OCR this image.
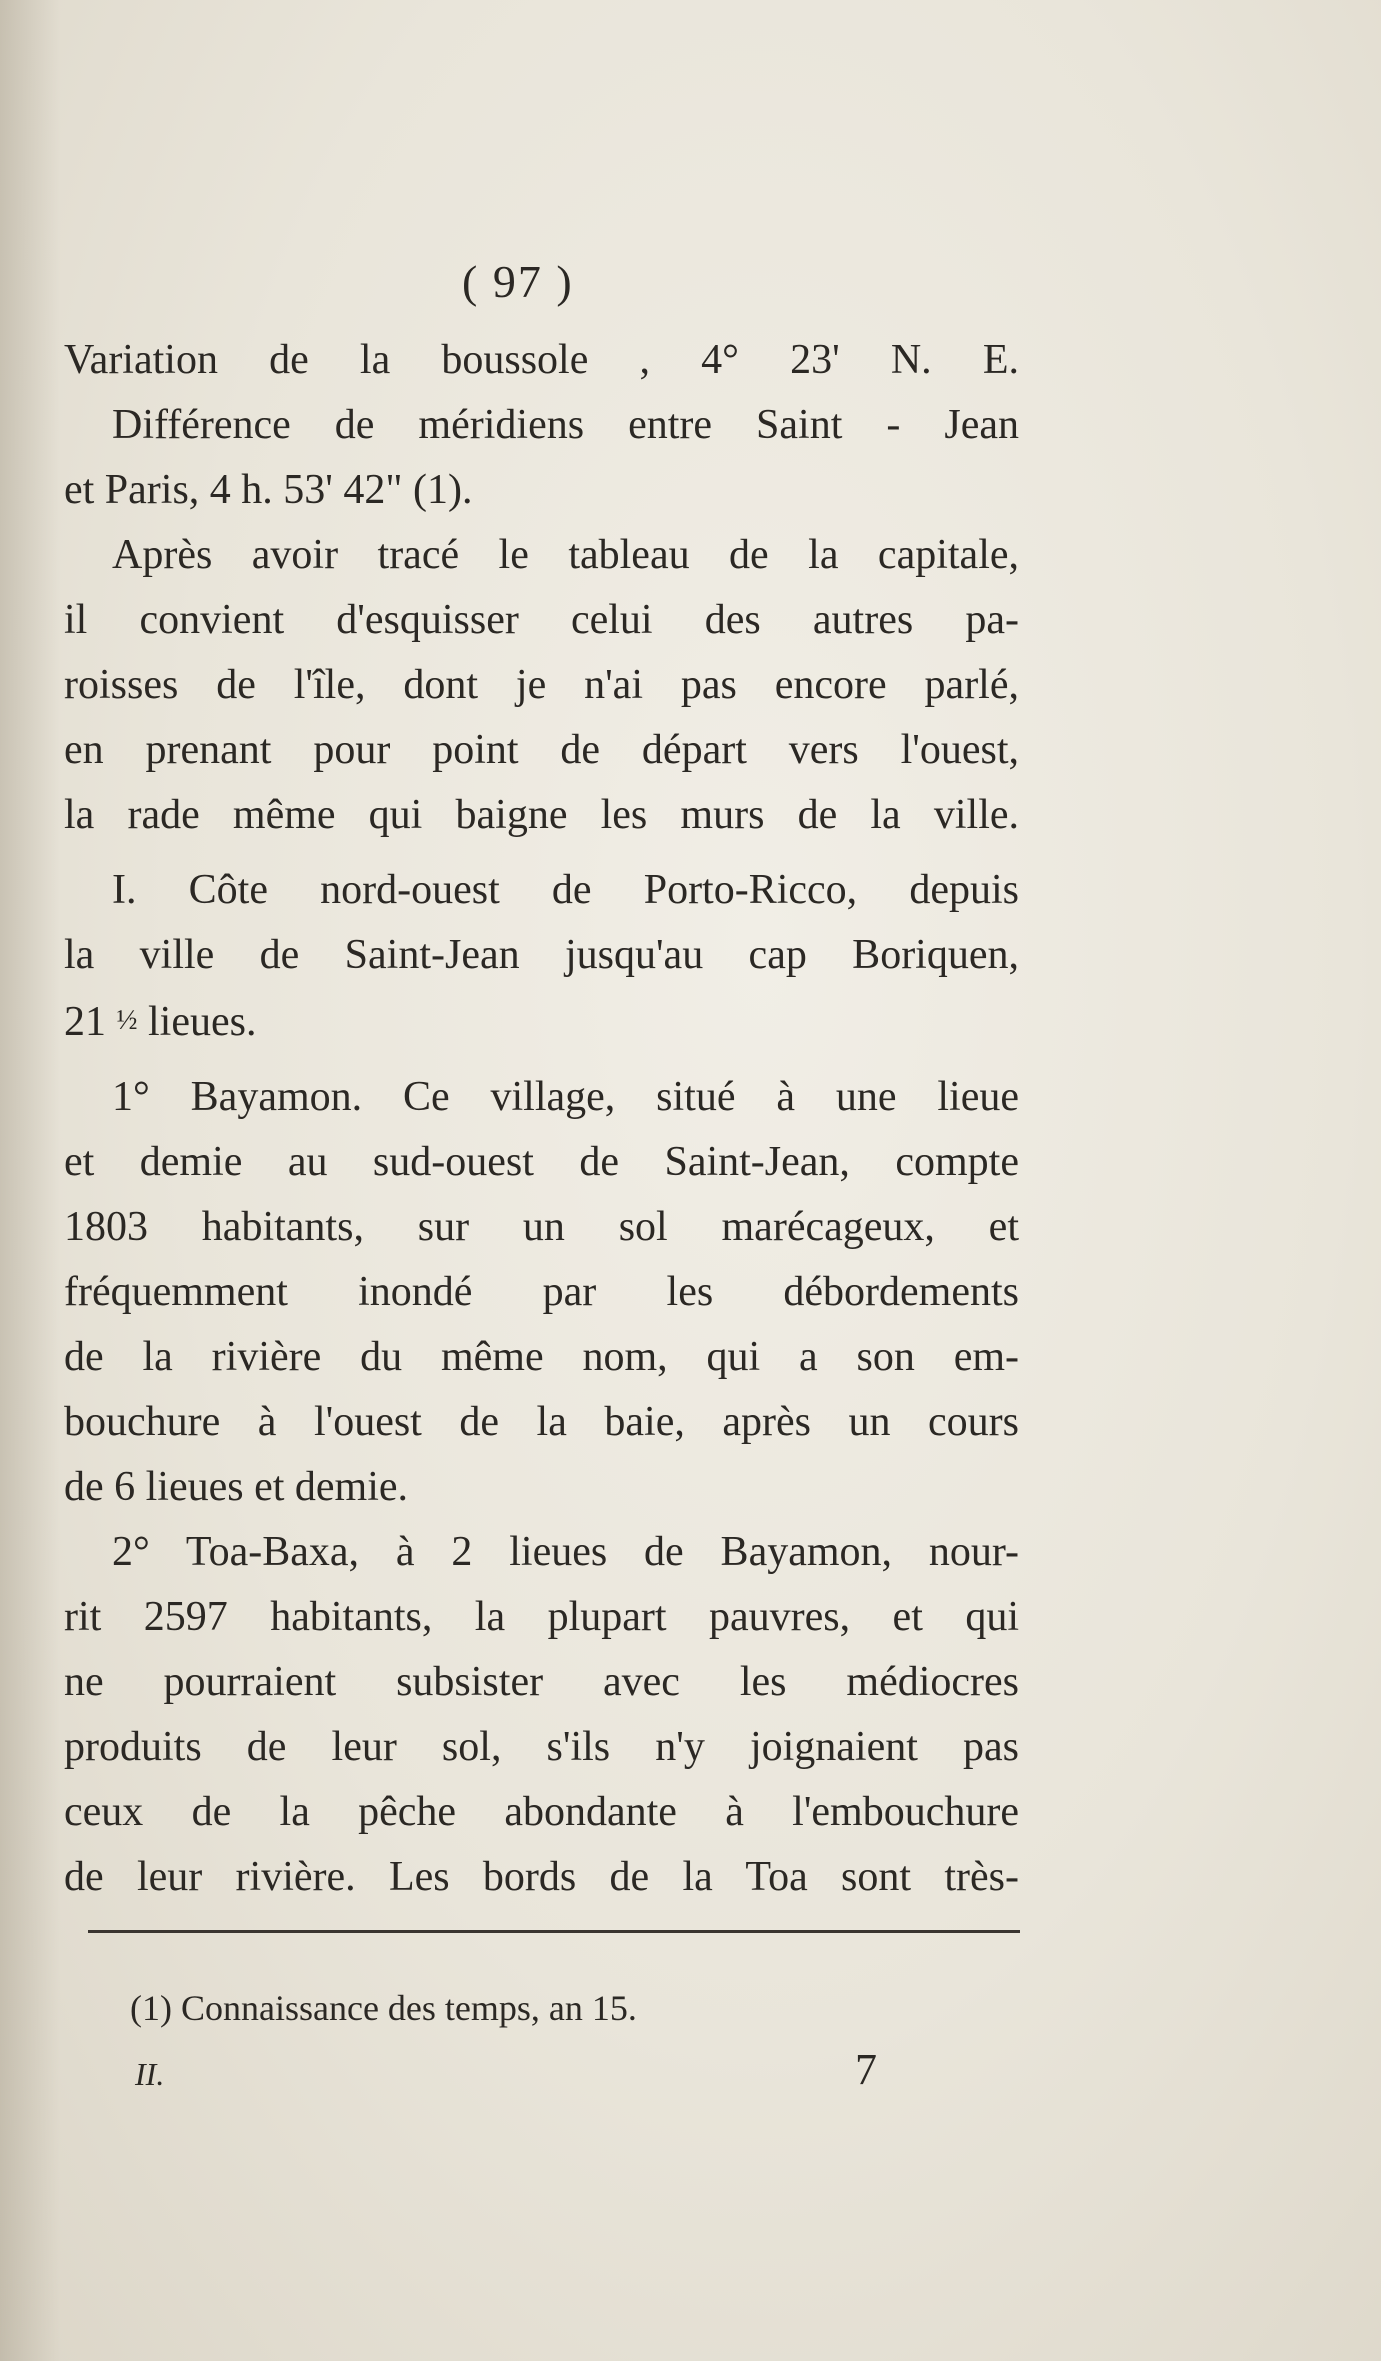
( 97 )
Variation de la boussole , 4° 23' N. E.
Différence de méridiens entre Saint - Jean
et Paris, 4 h. 53' 42" (1).
Après avoir tracé le tableau de la capitale,
il convient d'esquisser celui des autres pa-
roisses de l'île, dont je n'ai pas encore parlé,
en prenant pour point de départ vers l'ouest,
la rade même qui baigne les murs de la ville.
I. Côte nord-ouest de Porto-Ricco, depuis
la ville de Saint-Jean jusqu'au cap Boriquen,
21 ½ lieues.
1° Bayamon. Ce village, situé à une lieue
et demie au sud-ouest de Saint-Jean, compte
1803 habitants, sur un sol marécageux, et
fréquemment inondé par les débordements
de la rivière du même nom, qui a son em-
bouchure à l'ouest de la baie, après un cours
de 6 lieues et demie.
2° Toa-Baxa, à 2 lieues de Bayamon, nour-
rit 2597 habitants, la plupart pauvres, et qui
ne pourraient subsister avec les médiocres
produits de leur sol, s'ils n'y joignaient pas
ceux de la pêche abondante à l'embouchure
de leur rivière. Les bords de la Toa sont très-
(1) Connaissance des temps, an 15.
II.	7
